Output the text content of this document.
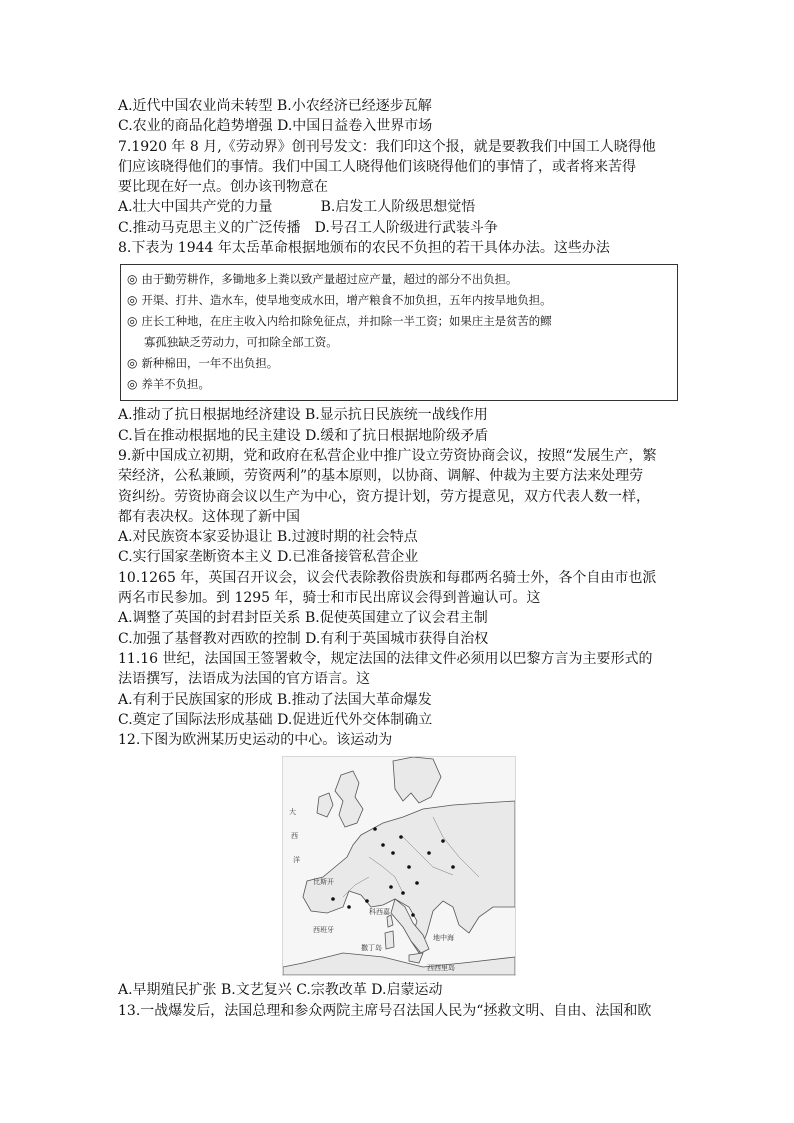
A.近代中国农业尚未转型 B.小农经济已经逐步瓦解
C.农业的商品化趋势增强 D.中国日益卷入世界市场
7.1920 年 8 月,《劳动界》创刊号发文：我们印这个报，就是要教我们中国工人晓得他
们应该晓得他们的事情。我们中国工人晓得他们该晓得他们的事情了，或者将来苦得
要比现在好一点。创办该刊物意在
A.壮大中国共产党的力量	B.启发工人阶级思想觉悟
C.推动马克思主义的广泛传播 D.号召工人阶级进行武装斗争
8.下表为 1944 年太岳革命根据地颁布的农民不负担的若干具体办法。这些办法
◎ 由于勤劳耕作，多锄地多上粪以致产量超过应产量，超过的部分不出负担。
◎ 开渠、打井、造水车，使旱地变成水田，增产粮食不加负担，五年内按旱地负担。
◎ 庄长工种地，在庄主收入内给扣除免征点，并扣除一半工资；如果庄主是贫苦的鳏
寡孤独缺乏劳动力，可扣除全部工资。
◎ 新种棉田，一年不出负担。
◎ 养羊不负担。
A.推动了抗日根据地经济建设 B.显示抗日民族统一战线作用
C.旨在推动根据地的民主建设 D.缓和了抗日根据地阶级矛盾
9.新中国成立初期，党和政府在私营企业中推广设立劳资协商会议，按照“发展生产，繁
荣经济，公私兼顾，劳资两利”的基本原则，以协商、调解、仲裁为主要方法来处理劳
资纠纷。劳资协商会议以生产为中心，资方提计划，劳方提意见，双方代表人数一样，
都有表决权。这体现了新中国
A.对民族资本家妥协退让 B.过渡时期的社会特点
C.实行国家垄断资本主义 D.已准备接管私营企业
10.1265 年，英国召开议会，议会代表除教俗贵族和每郡两名骑士外，各个自由市也派
两名市民参加。到 1295 年，骑士和市民出席议会得到普遍认可。这
A.调整了英国的封君封臣关系 B.促使英国建立了议会君主制
C.加强了基督教对西欧的控制 D.有利于英国城市获得自治权
11.16 世纪，法国国王签署敕令，规定法国的法律文件必须用以巴黎方言为主要形式的
法语撰写，法语成为法国的官方语言。这
A.有利于民族国家的形成 B.推动了法国大革命爆发
C.奠定了国际法形成基础 D.促进近代外交体制确立
12.下图为欧洲某历史运动的中心。该运动为
大
西
洋
地中海
西西里岛
科西嘉
撒丁岛
西班牙
比斯开
A.早期殖民扩张 B.文艺复兴 C.宗教改革 D.启蒙运动
13.一战爆发后，法国总理和参众两院主席号召法国人民为“拯救文明、自由、法国和欧
